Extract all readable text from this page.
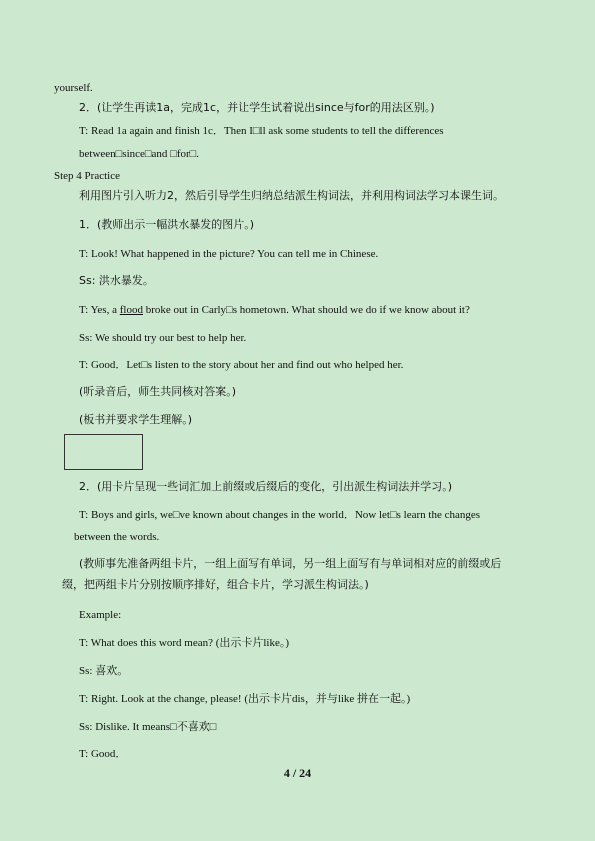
yourself.
2．(让学生再读1a，完成1c，并让学生试着说出since与for的用法区别。)
T: Read 1a again and finish 1c．Then I□ll ask some students to tell the differences
between□since□and □for□.
Step 4 Practice
利用图片引入听力2，然后引导学生归纳总结派生构词法，并利用构词法学习本课生词。
1．(教师出示一幅洪水暴发的图片。)
T: Look! What happened in the picture? You can tell me in Chinese.
Ss: 洪水暴发。
T: Yes, a flood broke out in Carly□s hometown. What should we do if we know about it?
Ss: We should try our best to help her.
T: Good．Let□s listen to the story about her and find out who helped her.
(听录音后，师生共同核对答案。)
(板书并要求学生理解。)
2．(用卡片呈现一些词汇加上前缀或后缀后的变化，引出派生构词法并学习。)
T: Boys and girls, we□ve known about changes in the world．Now let□s learn the changes
between the words.
(教师事先准备两组卡片，一组上面写有单词，另一组上面写有与单词相对应的前缀或后
缀，把两组卡片分别按顺序排好，组合卡片，学习派生构词法。)
Example:
T: What does this word mean? (出示卡片like。)
Ss: 喜欢。
T: Right. Look at the change, please! (出示卡片dis，并与like 拼在一起。)
Ss: Dislike. It means□不喜欢□
T: Good．
4 / 24
